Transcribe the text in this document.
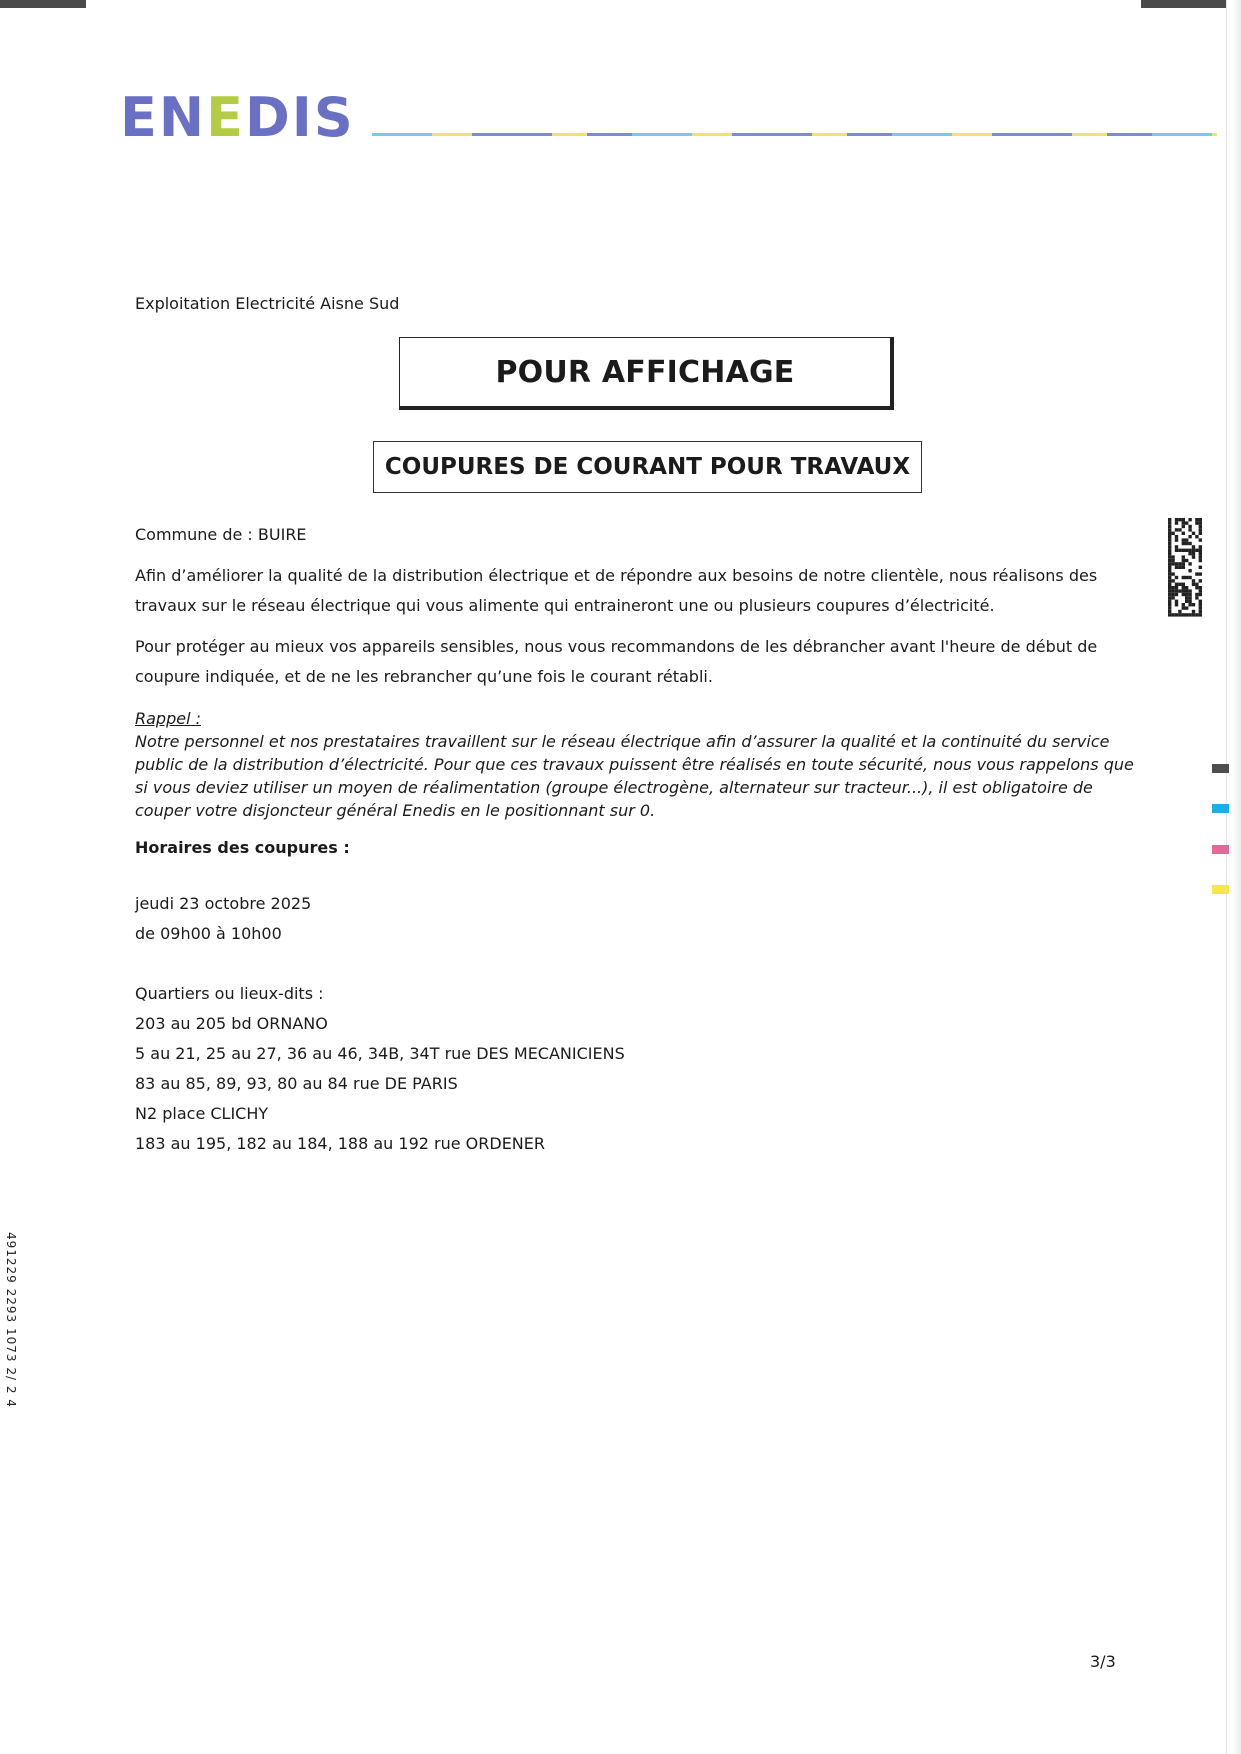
ENEDIS

Exploitation Electricité Aisne Sud

POUR AFFICHAGE

COUPURES DE COURANT POUR TRAVAUX

Commune de : BUIRE

Afin d’améliorer la qualité de la distribution électrique et de répondre aux besoins de notre clientèle, nous réalisons des travaux sur le réseau électrique qui vous alimente qui entraineront une ou plusieurs coupures d’électricité.

Pour protéger au mieux vos appareils sensibles, nous vous recommandons de les débrancher avant l'heure de début de coupure indiquée, et de ne les rebrancher qu’une fois le courant rétabli.

Rappel :

Notre personnel et nos prestataires travaillent sur le réseau électrique afin d’assurer la qualité et la continuité du service public de la distribution d’électricité. Pour que ces travaux puissent être réalisés en toute sécurité, nous vous rappelons que si vous deviez utiliser un moyen de réalimentation (groupe électrogène, alternateur sur tracteur...), il est obligatoire de couper votre disjoncteur général Enedis en le positionnant sur 0.

Horaires des coupures :

jeudi 23 octobre 2025

de 09h00 à 10h00

Quartiers ou lieux-dits :

203 au 205 bd ORNANO
5 au 21, 25 au 27, 36 au 46, 34B, 34T rue DES MECANICIENS
83 au 85, 89, 93, 80 au 84 rue DE PARIS
N2 place CLICHY
183 au 195, 182 au 184, 188 au 192 rue ORDENER
491229 2293 1073 2/ 2 4

3/3
